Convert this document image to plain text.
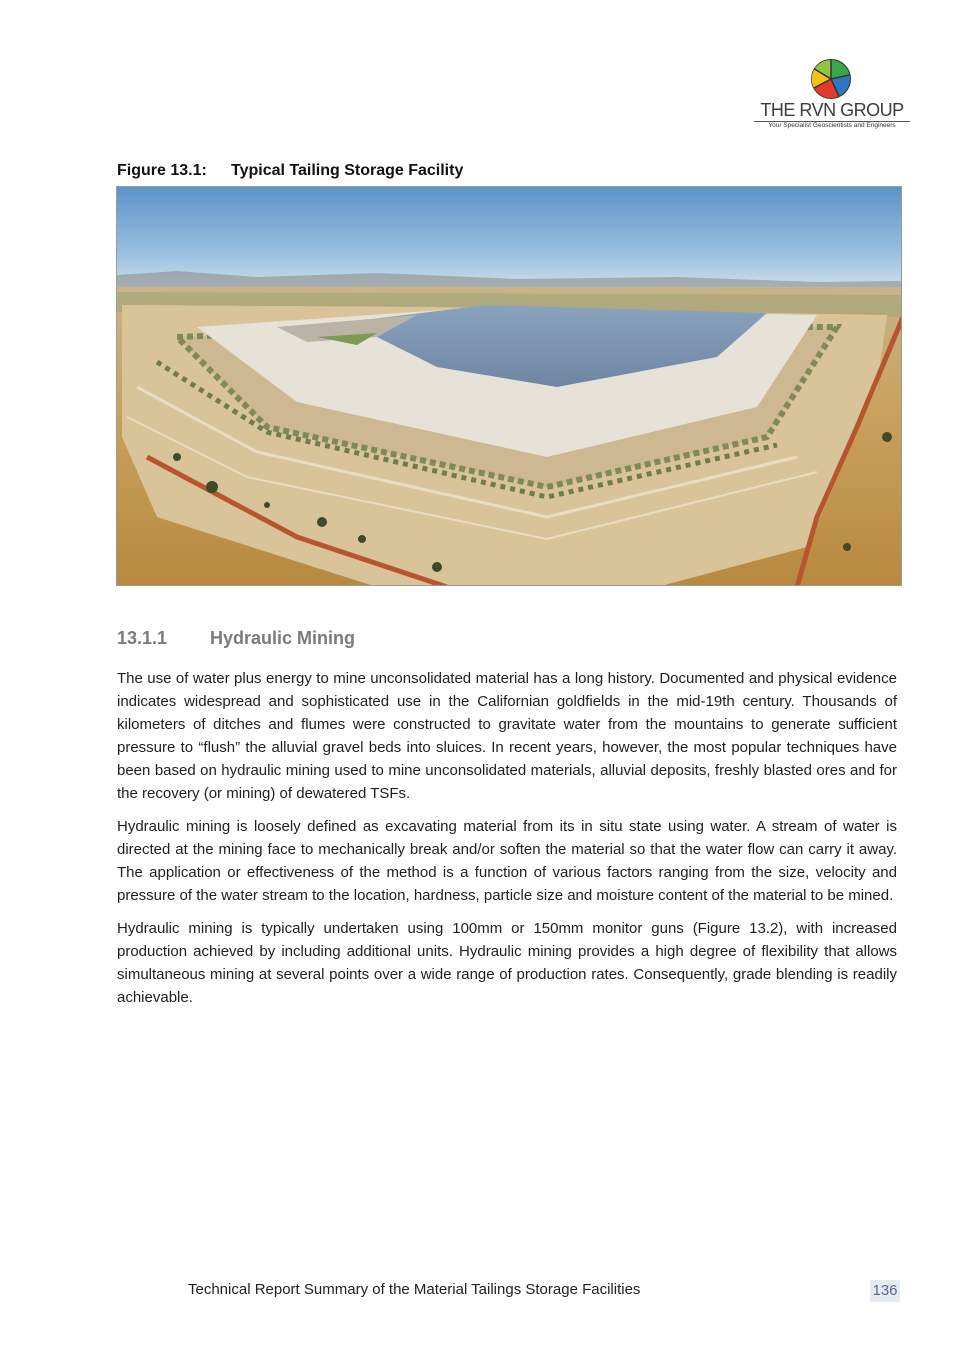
THE RVN GROUP
Your Specialist Geoscientists and Engineers
Figure 13.1: Typical Tailing Storage Facility
13.1.1 Hydraulic Mining

The use of water plus energy to mine unconsolidated material has a long history. Documented and physical evidence indicates widespread and sophisticated use in the Californian goldfields in the mid-19th century. Thousands of kilometers of ditches and flumes were constructed to gravitate water from the mountains to generate sufficient pressure to “flush” the alluvial gravel beds into sluices. In recent years, however, the most popular techniques have been based on hydraulic mining used to mine unconsolidated materials, alluvial deposits, freshly blasted ores and for the recovery (or mining) of dewatered TSFs.

Hydraulic mining is loosely defined as excavating material from its in situ state using water. A stream of water is directed at the mining face to mechanically break and/or soften the material so that the water flow can carry it away. The application or effectiveness of the method is a function of various factors ranging from the size, velocity and pressure of the water stream to the location, hardness, particle size and moisture content of the material to be mined.

Hydraulic mining is typically undertaken using 100mm or 150mm monitor guns (Figure 13.2), with increased production achieved by including additional units. Hydraulic mining provides a high degree of flexibility that allows simultaneous mining at several points over a wide range of production rates. Consequently, grade blending is readily achievable.

Technical Report Summary of the Material Tailings Storage Facilities	136
